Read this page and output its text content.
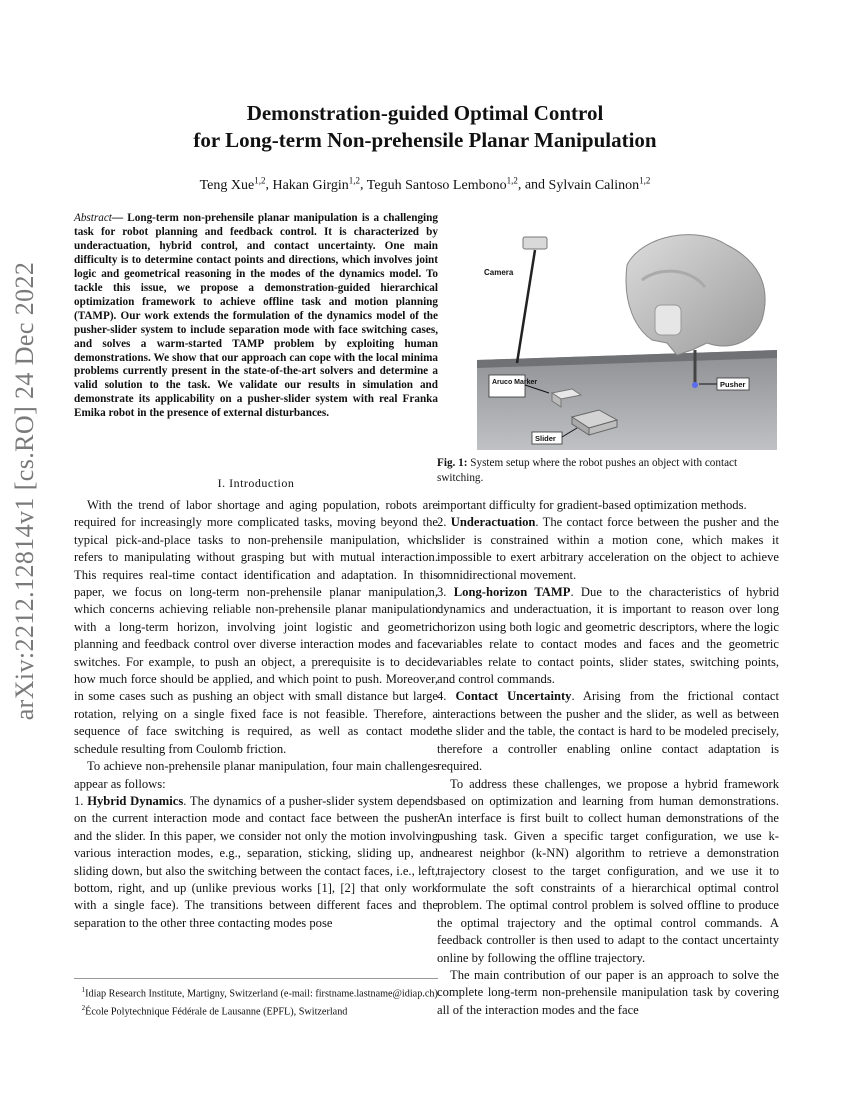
arXiv:2212.12814v1 [cs.RO] 24 Dec 2022
Demonstration-guided Optimal Control
for Long-term Non-prehensile Planar Manipulation
Teng Xue$^{1,2}$, Hakan Girgin$^{1,2}$, Teguh Santoso Lembono$^{1,2}$, and Sylvain Calinon$^{1,2}$
Abstract— Long-term non-prehensile planar manipulation is a challenging task for robot planning and feedback control. It is characterized by underactuation, hybrid control, and contact uncertainty. One main difficulty is to determine contact points and directions, which involves joint logic and geometrical reasoning in the modes of the dynamics model. To tackle this issue, we propose a demonstration-guided hierarchical optimization framework to achieve offline task and motion planning (TAMP). Our work extends the formulation of the dynamics model of the pusher-slider system to include separation mode with face switching cases, and solves a warm-started TAMP problem by exploiting human demonstrations. We show that our approach can cope with the local minima problems currently present in the state-of-the-art solvers and determine a valid solution to the task. We validate our results in simulation and demonstrate its applicability on a pusher-slider system with real Franka Emika robot in the presence of external disturbances.
I. Introduction

With the trend of labor shortage and aging population, robots are required for increasingly more complicated tasks, moving beyond the typical pick-and-place tasks to non-prehensile manipulation, which refers to manipulating without grasping but with mutual interaction. This requires real-time contact identification and adaptation. In this paper, we focus on long-term non-prehensile planar manipulation, which concerns achieving reliable non-prehensile planar manipulation with a long-term horizon, involving joint logistic and geometric planning and feedback control over diverse interaction modes and face switches. For example, to push an object, a prerequisite is to decide how much force should be applied, and which point to push. Moreover, in some cases such as pushing an object with small distance but large rotation, relying on a single fixed face is not feasible. Therefore, a sequence of face switching is required, as well as contact mode schedule resulting from Coulomb friction.

To achieve non-prehensile planar manipulation, four main challenges appear as follows:

1. Hybrid Dynamics. The dynamics of a pusher-slider system depends on the current interaction mode and contact face between the pusher and the slider. In this paper, we consider not only the motion involving various interaction modes, e.g., separation, sticking, sliding up, and sliding down, but also the switching between the contact faces, i.e., left, bottom, right, and up (unlike previous works [1], [2] that only work with a single face). The transitions between different faces and the separation to the other three contacting modes pose

$^1$Idiap Research Institute, Martigny, Switzerland (e-mail: firstname.lastname@idiap.ch)
$^2$École Polytechnique Fédérale de Lausanne (EPFL), Switzerland
Camera
Aruco Marker	Pusher
Slider
Fig. 1: System setup where the robot pushes an object with contact switching.

important difficulty for gradient-based optimization methods.

2. Underactuation. The contact force between the pusher and the slider is constrained within a motion cone, which makes it impossible to exert arbitrary acceleration on the object to achieve omnidirectional movement.

3. Long-horizon TAMP. Due to the characteristics of hybrid dynamics and underactuation, it is important to reason over long horizon using both logic and geometric descriptors, where the logic variables relate to contact modes and faces and the geometric variables relate to contact points, slider states, switching points, and control commands.

4. Contact Uncertainty. Arising from the frictional contact interactions between the pusher and the slider, as well as between the slider and the table, the contact is hard to be modeled precisely, therefore a controller enabling online contact adaptation is required.

To address these challenges, we propose a hybrid framework based on optimization and learning from human demonstrations. An interface is first built to collect human demonstrations of the pushing task. Given a specific target configuration, we use k-nearest neighbor (k-NN) algorithm to retrieve a demonstration trajectory closest to the target configuration, and we use it to formulate the soft constraints of a hierarchical optimal control problem. The optimal control problem is solved offline to produce the optimal trajectory and the optimal control commands. A feedback controller is then used to adapt to the contact uncertainty online by following the offline trajectory.

The main contribution of our paper is an approach to solve the complete long-term non-prehensile manipulation task by covering all of the interaction modes and the face
